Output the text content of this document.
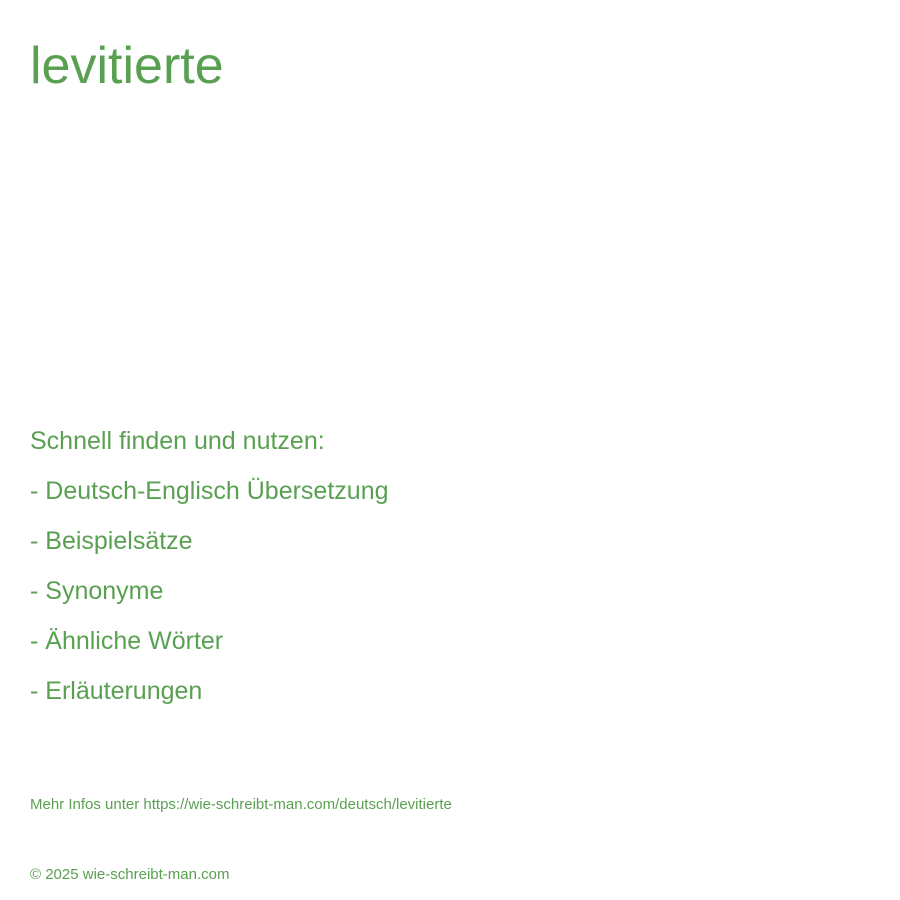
levitierte
Schnell finden und nutzen:
- Deutsch-Englisch Übersetzung
- Beispielsätze
- Synonyme
- Ähnliche Wörter
- Erläuterungen
Mehr Infos unter https://wie-schreibt-man.com/deutsch/levitierte
© 2025 wie-schreibt-man.com
